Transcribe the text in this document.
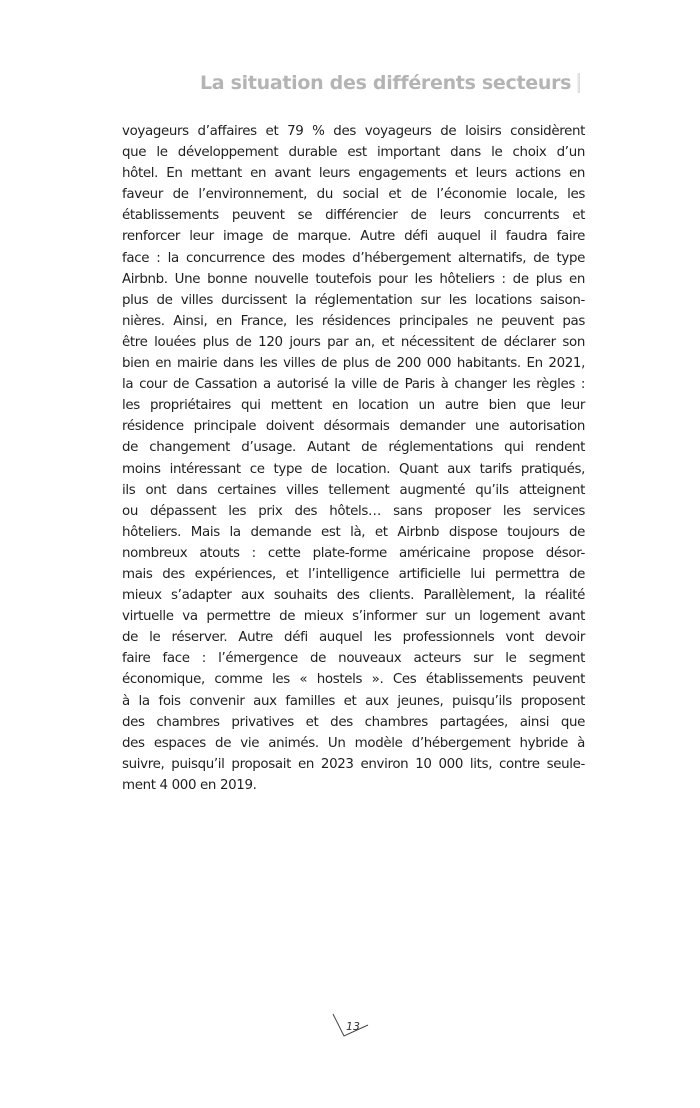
La situation des différents secteurs
voyageurs d’affaires et 79 % des voyageurs de loisirs considèrent
que le développement durable est important dans le choix d’un
hôtel. En mettant en avant leurs engagements et leurs actions en
faveur de l’environnement, du social et de l’économie locale, les
établissements peuvent se différencier de leurs concurrents et
renforcer leur image de marque. Autre défi auquel il faudra faire
face : la concurrence des modes d’hébergement alternatifs, de type
Airbnb. Une bonne nouvelle toutefois pour les hôteliers : de plus en
plus de villes durcissent la réglementation sur les locations saison-
nières. Ainsi, en France, les résidences principales ne peuvent pas
être louées plus de 120 jours par an, et nécessitent de déclarer son
bien en mairie dans les villes de plus de 200 000 habitants. En 2021,
la cour de Cassation a autorisé la ville de Paris à changer les règles :
les propriétaires qui mettent en location un autre bien que leur
résidence principale doivent désormais demander une autorisation
de changement d’usage. Autant de réglementations qui rendent
moins intéressant ce type de location. Quant aux tarifs pratiqués,
ils ont dans certaines villes tellement augmenté qu’ils atteignent
ou dépassent les prix des hôtels… sans proposer les services
hôteliers. Mais la demande est là, et Airbnb dispose toujours de
nombreux atouts : cette plate-forme américaine propose désor-
mais des expériences, et l’intelligence artificielle lui permettra de
mieux s’adapter aux souhaits des clients. Parallèlement, la réalité
virtuelle va permettre de mieux s’informer sur un logement avant
de le réserver. Autre défi auquel les professionnels vont devoir
faire face : l’émergence de nouveaux acteurs sur le segment
économique, comme les « hostels ». Ces établissements peuvent
à la fois convenir aux familles et aux jeunes, puisqu’ils proposent
des chambres privatives et des chambres partagées, ainsi que
des espaces de vie animés. Un modèle d’hébergement hybride à
suivre, puisqu’il proposait en 2023 environ 10 000 lits, contre seule-
ment 4 000 en 2019.
13
